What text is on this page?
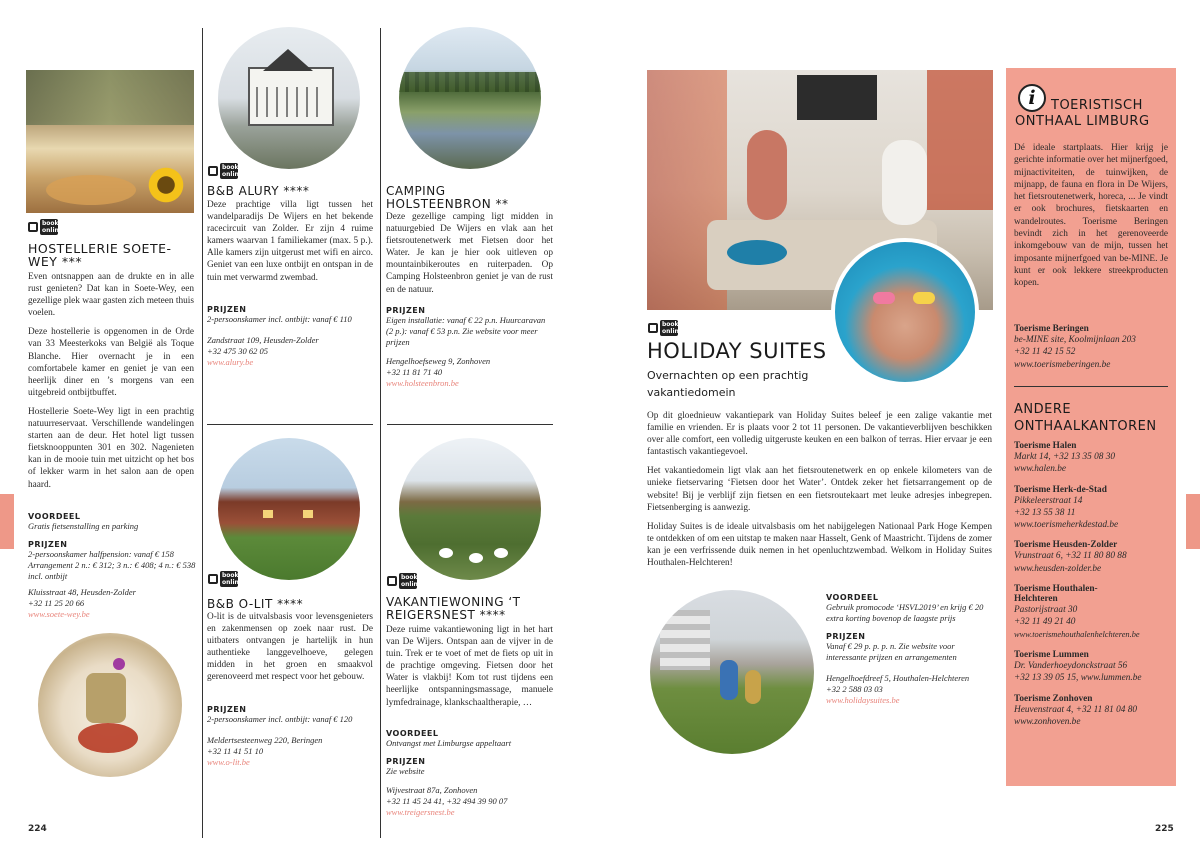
book online
HOSTELLERIE SOETE-WEY ***

Even ontsnappen aan de drukte en in alle rust genieten? Dat kan in Soete-Wey, een gezellige plek waar gasten zich meteen thuis voelen.

Deze hostellerie is opgenomen in de Orde van 33 Meesterkoks van België als Toque Blanche. Hier overnacht je in een comfortabele kamer en geniet je van een heerlijk diner en ’s morgens van een uitgebreid ontbijtbuffet.

Hostellerie Soete-Wey ligt in een prachtig natuurreservaat. Verschillende wandelingen starten aan de deur. Het hotel ligt tussen fietsknooppunten 301 en 302. Nagenieten kan in de mooie tuin met uitzicht op het bos of lekker warm in het salon aan de open haard.

VOORDEEL
Gratis fietsenstalling en parking
PRIJZEN
2-persoonskamer halfpension: vanaf € 158 Arrangement 2 n.: € 312; 3 n.: € 408; 4 n.: € 538 incl. ontbijt
Kluisstraat 48, Heusden-Zolder
+32 11 25 20 66
www.soete-wey.be
224
book online
B&B ALURY ****
Deze prachtige villa ligt tussen het wandelparadijs De Wijers en het bekende racecircuit van Zolder. Er zijn 4 ruime kamers waarvan 1 familiekamer (max. 5 p.). Alle kamers zijn uitgerust met wifi en airco. Geniet van een luxe ontbijt en ontspan in de tuin met verwarmd zwembad.
PRIJZEN
2-persoonskamer incl. ontbijt: vanaf € 110
Zandstraat 109, Heusden-Zolder
+32 475 30 62 05
www.alury.be
CAMPING HOLSTEENBRON **
Deze gezellige camping ligt midden in natuurgebied De Wijers en vlak aan het fietsroutenetwerk met Fietsen door het Water. Je kan je hier ook uitleven op mountainbikeroutes en ruiterpaden. Op Camping Holsteenbron geniet je van de rust en de natuur.
PRIJZEN
Eigen installatie: vanaf € 22 p.n. Huurcaravan (2 p.): vanaf € 53 p.n. Zie website voor meer prijzen
Hengelhoefseweg 9, Zonhoven
+32 11 81 71 40
www.holsteenbron.be
book online
B&B O-LIT ****
O-lit is de uitvalsbasis voor levensgenieters en zakenmensen op zoek naar rust. De uitbaters ontvangen je hartelijk in hun authentieke langgevelhoeve, gelegen midden in het groen en smaakvol gerenoveerd met respect voor het gebouw.
PRIJZEN
2-persoonskamer incl. ontbijt: vanaf € 120
Meldertsesteenweg 220, Beringen
+32 11 41 51 10
www.o-lit.be
book online
VAKANTIEWONING ‘T REIGERSNEST ****
Deze ruime vakantiewoning ligt in het hart van De Wijers. Ontspan aan de vijver in de tuin. Trek er te voet of met de fiets op uit in de prachtige omgeving. Fietsen door het Water is vlakbij! Kom tot rust tijdens een heerlijke ontspanningsmassage, manuele lymfedrainage, klankschaaltherapie, …
VOORDEEL
Ontvangst met Limburgse appeltaart
PRIJZEN
Zie website
Wijvestraat 87a, Zonhoven
+32 11 45 24 41, +32 494 39 90 07
www.treigersnest.be
book online
HOLIDAY SUITES
Overnachten op een prachtig vakantiedomein

Op dit gloednieuw vakantiepark van Holiday Suites beleef je een zalige vakantie met familie en vrienden. Er is plaats voor 2 tot 11 personen. De vakantieverblijven beschikken over alle comfort, een volledig uitgeruste keuken en een balkon of terras. Hier ervaar je een fantastisch vakantiegevoel.

Het vakantiedomein ligt vlak aan het fietsroutenetwerk en op enkele kilometers van de unieke fietservaring ‘Fietsen door het Water’. Ontdek zeker het fietsarrangement op de website! Bij je verblijf zijn fietsen en een fietsroutekaart met leuke adresjes inbegrepen. Fietsenberging is aanwezig.

Holiday Suites is de ideale uitvalsbasis om het nabijgelegen Nationaal Park Hoge Kempen te ontdekken of om een uitstap te maken naar Hasselt, Genk of Maastricht. Tijdens de zomer kan je een verfrissende duik nemen in het openluchtzwembad. Welkom in Holiday Suites Houthalen-Helchteren!

VOORDEEL
Gebruik promocode ‘HSVL2019’ en krijg € 20 extra korting bovenop de laagste prijs
PRIJZEN
Vanaf € 29 p. p. p. n. Zie website voor interessante prijzen en arrangementen
Hengelhoefdreef 5, Houthalen-Helchteren
+32 2 588 03 03
www.holidaysuites.be
i	TOERISTISCH ONTHAAL LIMBURG
Dé ideale startplaats. Hier krijg je gerichte informatie over het mijnerfgoed, mijnactiviteiten, de tuinwijken, de mijnapp, de fauna en flora in De Wijers, het fietsroutenetwerk, horeca, ... Je vindt er ook brochures, fietskaarten en wandelroutes. Toerisme Beringen bevindt zich in het gerenoveerde inkomgebouw van de mijn, tussen het imposante mijnerfgoed van be-MINE. Je kunt er ook lekkere streekproducten kopen.
Toerisme Beringen
be-MINE site, Koolmijnlaan 203
+32 11 42 15 52
www.toerismeberingen.be
ANDERE ONTHAALKANTOREN
Toerisme Halen
Markt 14, +32 13 35 08 30
www.halen.be
Toerisme Herk-de-Stad
Pikkeleerstraat 14
+32 13 55 38 11
www.toerismeherkdestad.be
Toerisme Heusden-Zolder
Vrunstraat 6, +32 11 80 80 88
www.heusden-zolder.be
Toerisme Houthalen-Helchteren
Pastorijstraat 30
+32 11 49 21 40
www.toerismehouthalenhelchteren.be
Toerisme Lummen
Dr. Vanderhoeydonckstraat 56
+32 13 39 05 15, www.lummen.be
Toerisme Zonhoven
Heuvenstraat 4, +32 11 81 04 80
www.zonhoven.be
225
